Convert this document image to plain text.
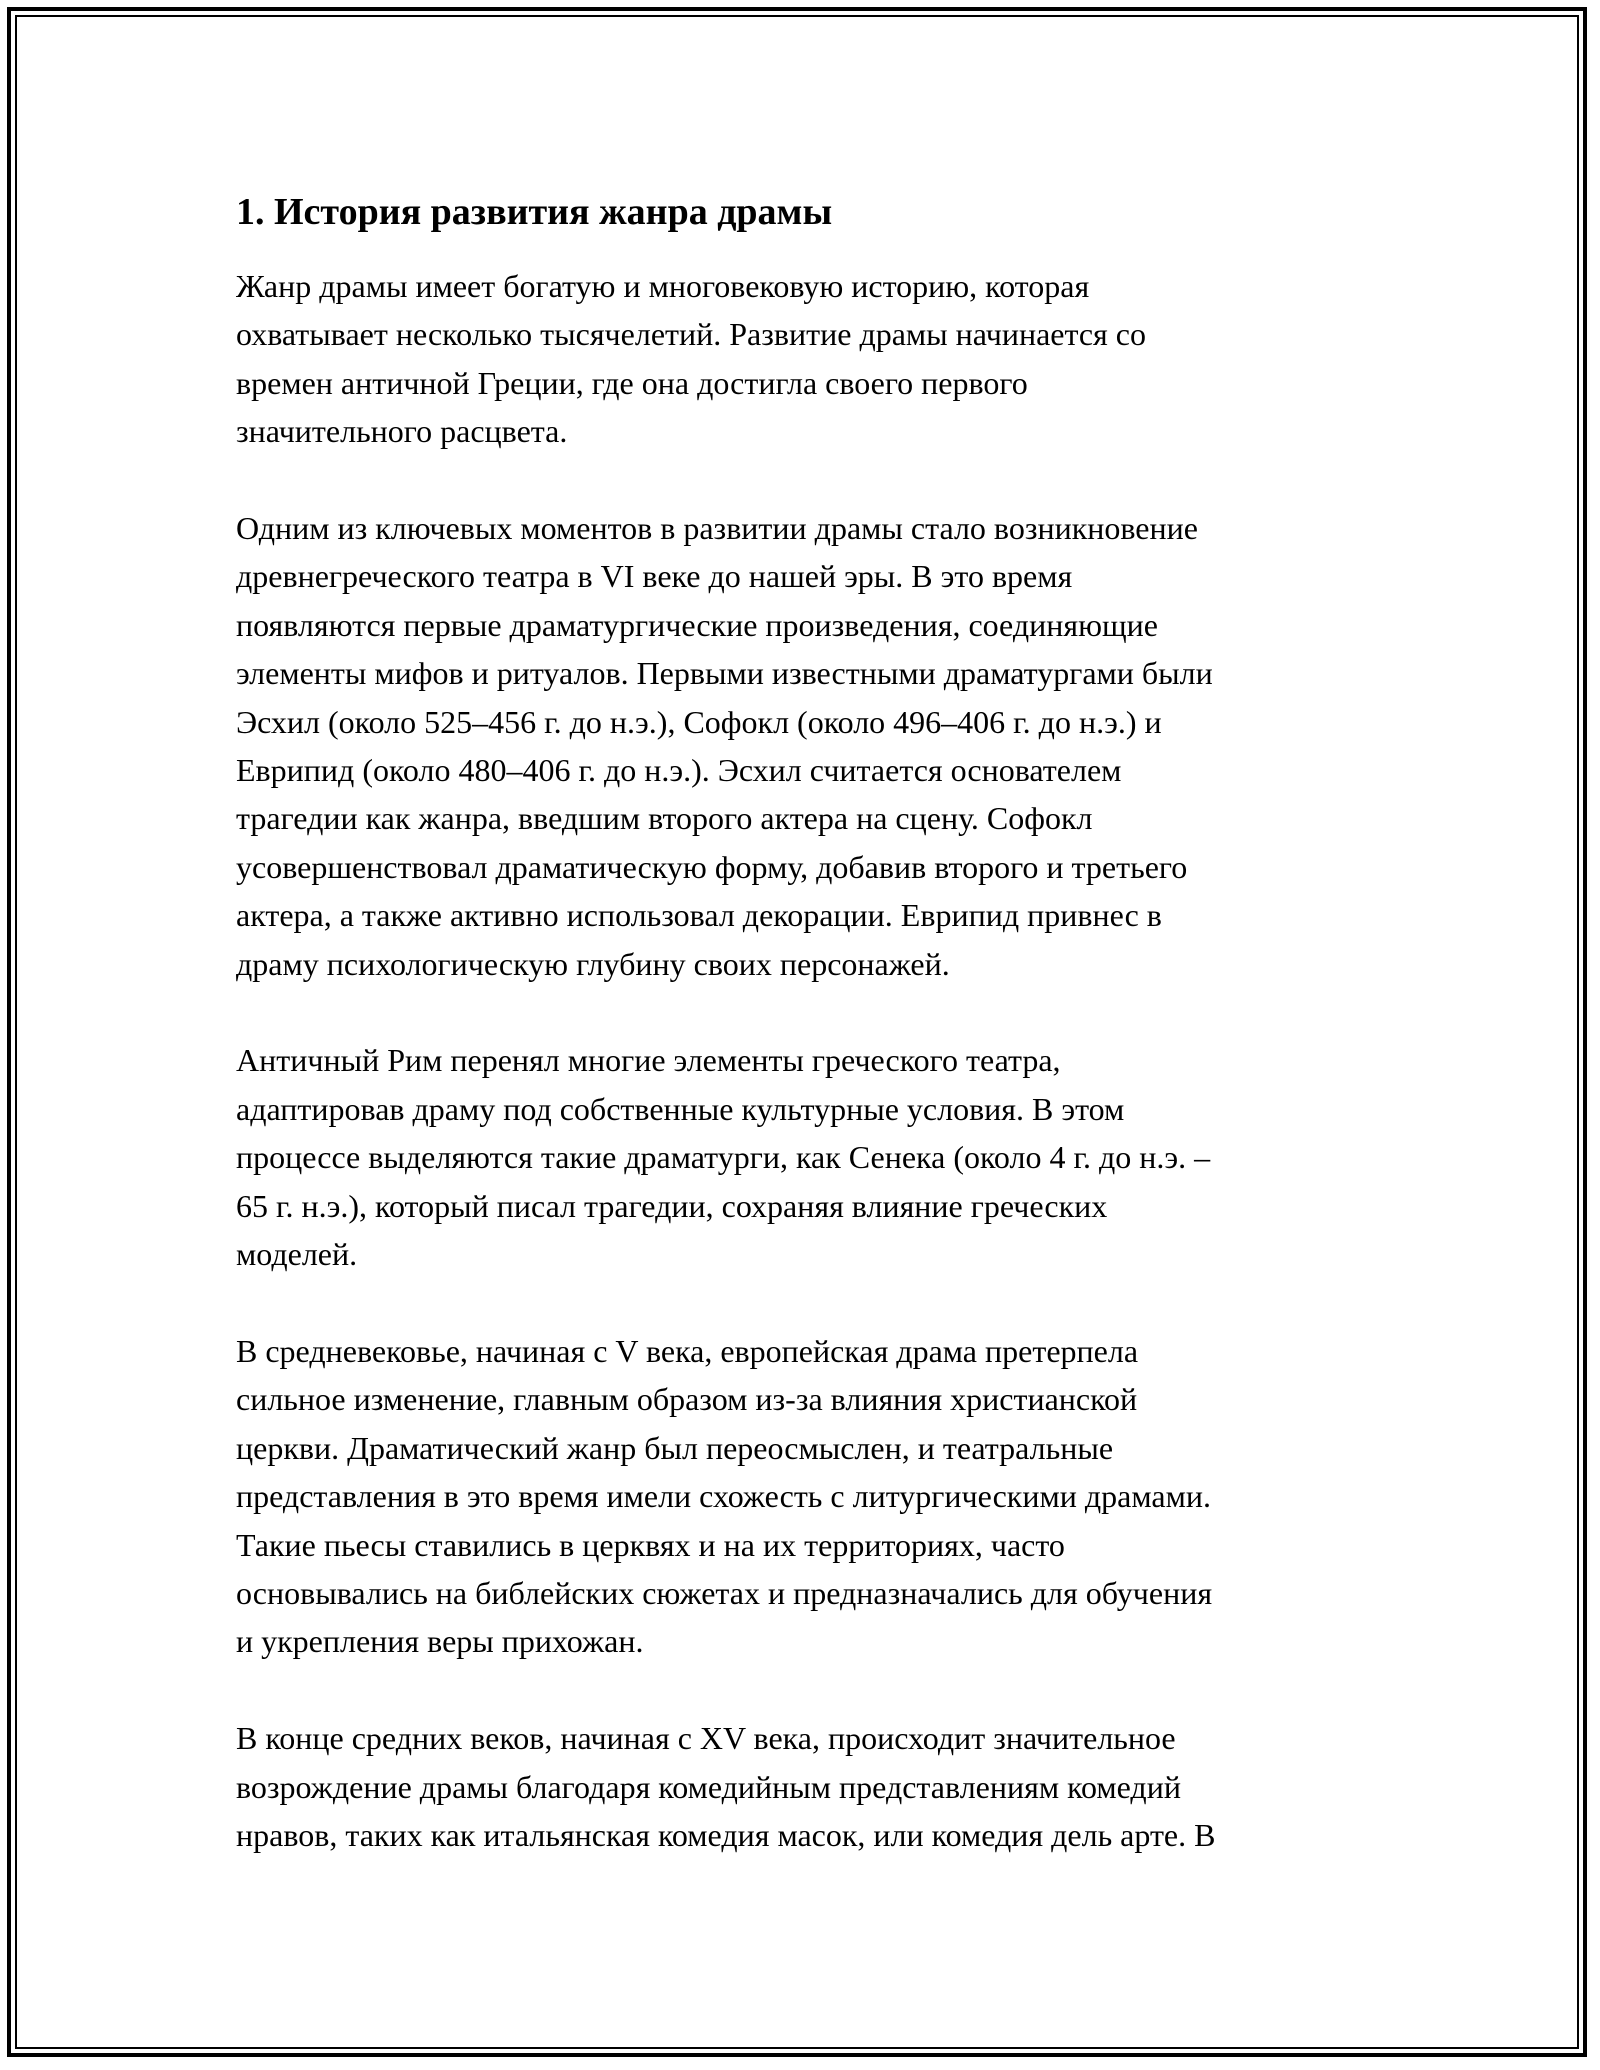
1. История развития жанра драмы

Жанр драмы имеет богатую и многовековую историю, которая
охватывает несколько тысячелетий. Развитие драмы начинается со
времен античной Греции, где она достигла своего первого
значительного расцвета.

Одним из ключевых моментов в развитии драмы стало возникновение
древнегреческого театра в VI веке до нашей эры. В это время
появляются первые драматургические произведения, соединяющие
элементы мифов и ритуалов. Первыми известными драматургами были
Эсхил (около 525–456 г. до н.э.), Софокл (около 496–406 г. до н.э.) и
Еврипид (около 480–406 г. до н.э.). Эсхил считается основателем
трагедии как жанра, введшим второго актера на сцену. Софокл
усовершенствовал драматическую форму, добавив второго и третьего
актера, а также активно использовал декорации. Еврипид привнес в
драму психологическую глубину своих персонажей.

Античный Рим перенял многие элементы греческого театра,
адаптировав драму под собственные культурные условия. В этом
процессе выделяются такие драматурги, как Сенека (около 4 г. до н.э. –
65 г. н.э.), который писал трагедии, сохраняя влияние греческих
моделей.

В средневековье, начиная с V века, европейская драма претерпела
сильное изменение, главным образом из-за влияния христианской
церкви. Драматический жанр был переосмыслен, и театральные
представления в это время имели схожесть с литургическими драмами.
Такие пьесы ставились в церквях и на их территориях, часто
основывались на библейских сюжетах и предназначались для обучения
и укрепления веры прихожан.

В конце средних веков, начиная с XV века, происходит значительное
возрождение драмы благодаря комедийным представлениям комедий
нравов, таких как итальянская комедия масок, или комедия дель арте. В
